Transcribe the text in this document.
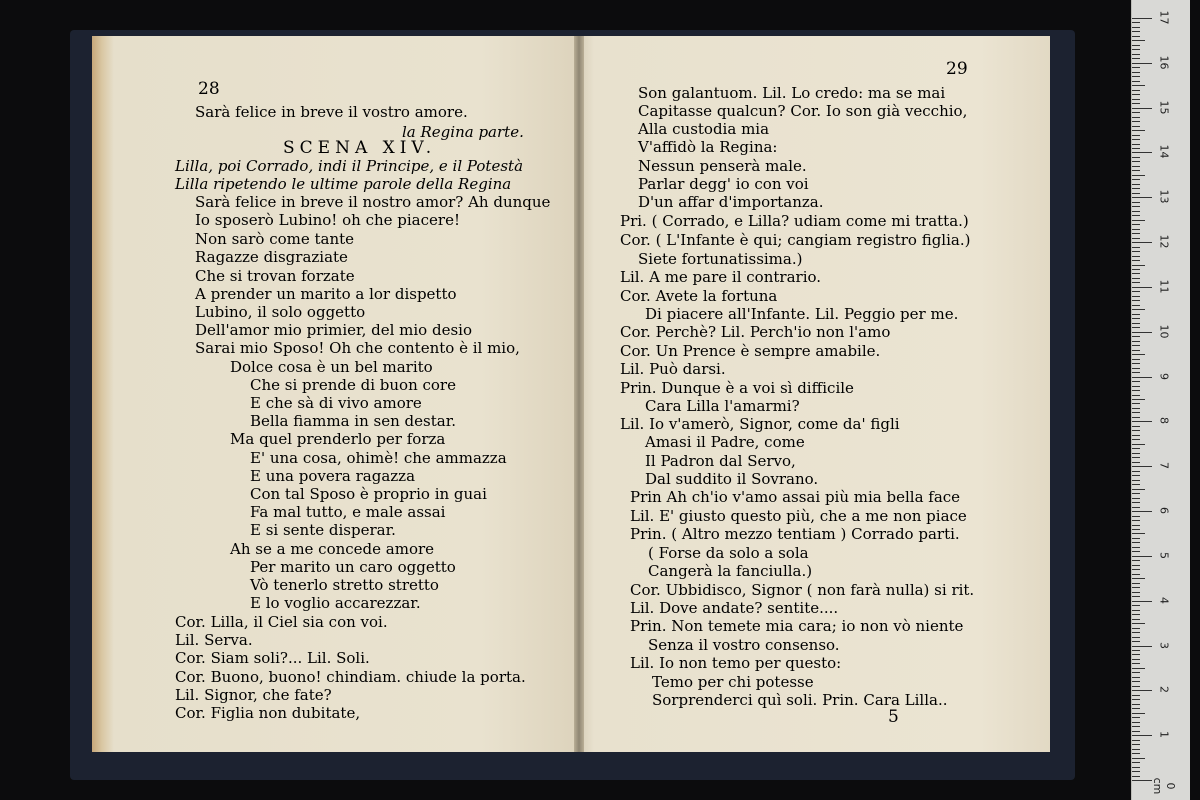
Sarà felice in breve il vostro amore.
la Regina parte.
SCENA XIV.
Lilla, poi Corrado, indi il Principe, e il Potestà
Lilla ripetendo le ultime parole della Regina
Sarà felice in breve il nostro amor? Ah dunque
Io sposerò Lubino! oh che piacere!
Non sarò come tante
Ragazze disgraziate
Che si trovan forzate
A prender un marito a lor dispetto
Lubino, il solo oggetto
Dell'amor mio primier, del mio desio
Sarai mio Sposo! Oh che contento è il mio,
Dolce cosa è un bel marito
Che si prende di buon core
E che sà di vivo amore
Bella fiamma in sen destar.
Ma quel prenderlo per forza
E' una cosa, ohimè! che ammazza
E una povera ragazza
Con tal Sposo è proprio in guai
Fa mal tutto, e male assai
E si sente disperar.
Ah se a me concede amore
Per marito un caro oggetto
Vò tenerlo stretto stretto
E lo voglio accarezzar.
Cor. Lilla, il Ciel sia con voi.
Lil. Serva.
Cor. Siam soli?... Lil. Soli.
Cor. Buono, buono! chindiam. chiude la porta.
Lil. Signor, che fate?
Cor. Figlia non dubitate,
Son galantuom. Lil. Lo credo: ma se mai
Capitasse qualcun? Cor. Io son già vecchio,
Alla custodia mia
V'affidò la Regina:
Nessun penserà male.
Parlar degg' io con voi
D'un affar d'importanza.
Pri. ( Corrado, e Lilla? udiam come mi tratta.)
Cor. ( L'Infante è qui; cangiam registro figlia.)
Siete fortunatissima.)
Lil. A me pare il contrario.
Cor. Avete la fortuna
Di piacere all'Infante. Lil. Peggio per me.
Cor. Perchè? Lil. Perch'io non l'amo
Cor. Un Prence è sempre amabile.
Lil. Può darsi.
Prin. Dunque è a voi sì difficile
Cara Lilla l'amarmi?
Lil. Io v'amerò, Signor, come da' figli
Amasi il Padre, come
Il Padron dal Servo,
Dal suddito il Sovrano.
Prin Ah ch'io v'amo assai più mia bella face
Lil. E' giusto questo più, che a me non piace
Prin. ( Altro mezzo tentiam ) Corrado parti.
( Forse da solo a sola
Cangerà la fanciulla.)
Cor. Ubbidisco, Signor ( non farà nulla) si rit.
Lil. Dove andate? sentite....
Prin. Non temete mia cara; io non vò niente
Senza il vostro consenso.
Lil. Io non temo per questo:
Temo per chi potesse
Sorprenderci quì soli. Prin. Cara Lilla..
28
29
5
17
16
15
14
13
12
11
10
9
8
7
6
5
4
3
2
1
0 cm
